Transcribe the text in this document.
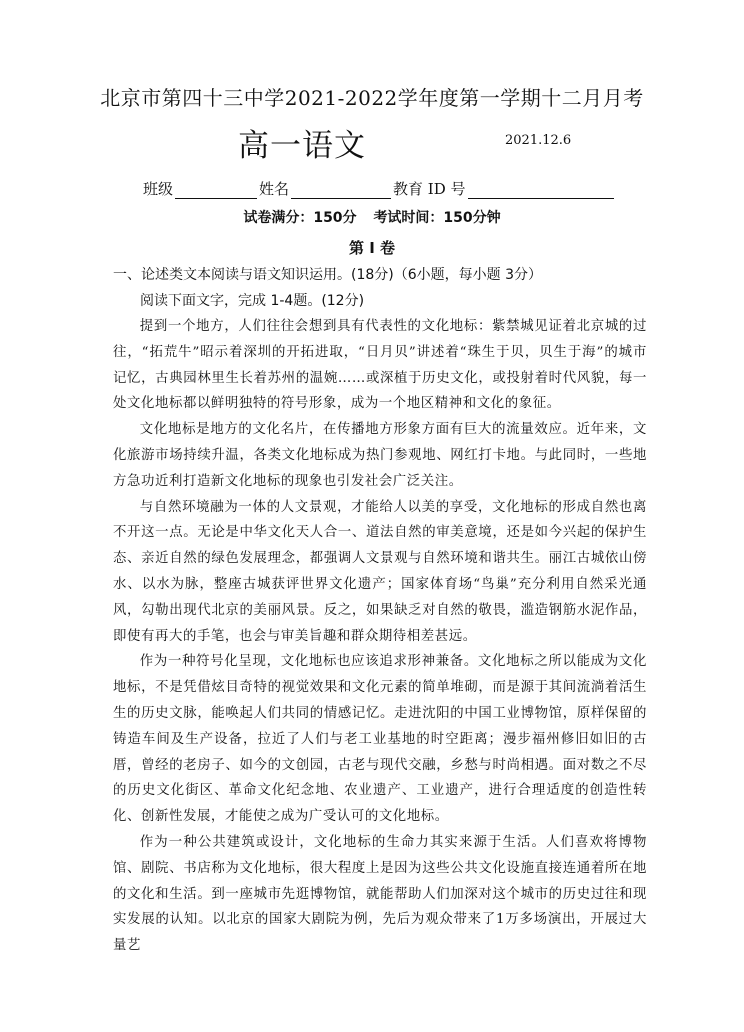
北京市第四十三中学2021-2022学年度第一学期十二月月考
高一语文	2021.12.6
班级	姓名	教育 ID 号
试卷满分：150分 考试时间：150分钟
第 I 卷
一、论述类文本阅读与语文知识运用。(18分)（6小题，每小题 3分）
阅读下面文字，完成 1-4题。(12分)

提到一个地方，人们往往会想到具有代表性的文化地标：紫禁城见证着北京城的过往，“拓荒牛”昭示着深圳的开拓进取，“日月贝”讲述着“珠生于贝，贝生于海”的城市记忆，古典园林里生长着苏州的温婉……或深植于历史文化，或投射着时代风貌，每一处文化地标都以鲜明独特的符号形象，成为一个地区精神和文化的象征。

文化地标是地方的文化名片，在传播地方形象方面有巨大的流量效应。近年来，文化旅游市场持续升温，各类文化地标成为热门参观地、网红打卡地。与此同时，一些地方急功近利打造新文化地标的现象也引发社会广泛关注。

与自然环境融为一体的人文景观，才能给人以美的享受，文化地标的形成自然也离不开这一点。无论是中华文化天人合一、道法自然的审美意境，还是如今兴起的保护生态、亲近自然的绿色发展理念，都强调人文景观与自然环境和谐共生。丽江古城依山傍水、以水为脉，整座古城获评世界文化遗产；国家体育场“鸟巢”充分利用自然采光通风，勾勒出现代北京的美丽风景。反之，如果缺乏对自然的敬畏，滥造钢筋水泥作品，即使有再大的手笔，也会与审美旨趣和群众期待相差甚远。

作为一种符号化呈现，文化地标也应该追求形神兼备。文化地标之所以能成为文化地标，不是凭借炫目奇特的视觉效果和文化元素的简单堆砌，而是源于其间流淌着活生生的历史文脉，能唤起人们共同的情感记忆。走进沈阳的中国工业博物馆，原样保留的铸造车间及生产设备，拉近了人们与老工业基地的时空距离；漫步福州修旧如旧的古厝，曾经的老房子、如今的文创园，古老与现代交融，乡愁与时尚相遇。面对数之不尽的历史文化街区、革命文化纪念地、农业遗产、工业遗产，进行合理适度的创造性转化、创新性发展，才能使之成为广受认可的文化地标。

作为一种公共建筑或设计，文化地标的生命力其实来源于生活。人们喜欢将博物馆、剧院、书店称为文化地标，很大程度上是因为这些公共文化设施直接连通着所在地的文化和生活。到一座城市先逛博物馆，就能帮助人们加深对这个城市的历史过往和现实发展的认知。以北京的国家大剧院为例，先后为观众带来了1万多场演出，开展过大量艺
